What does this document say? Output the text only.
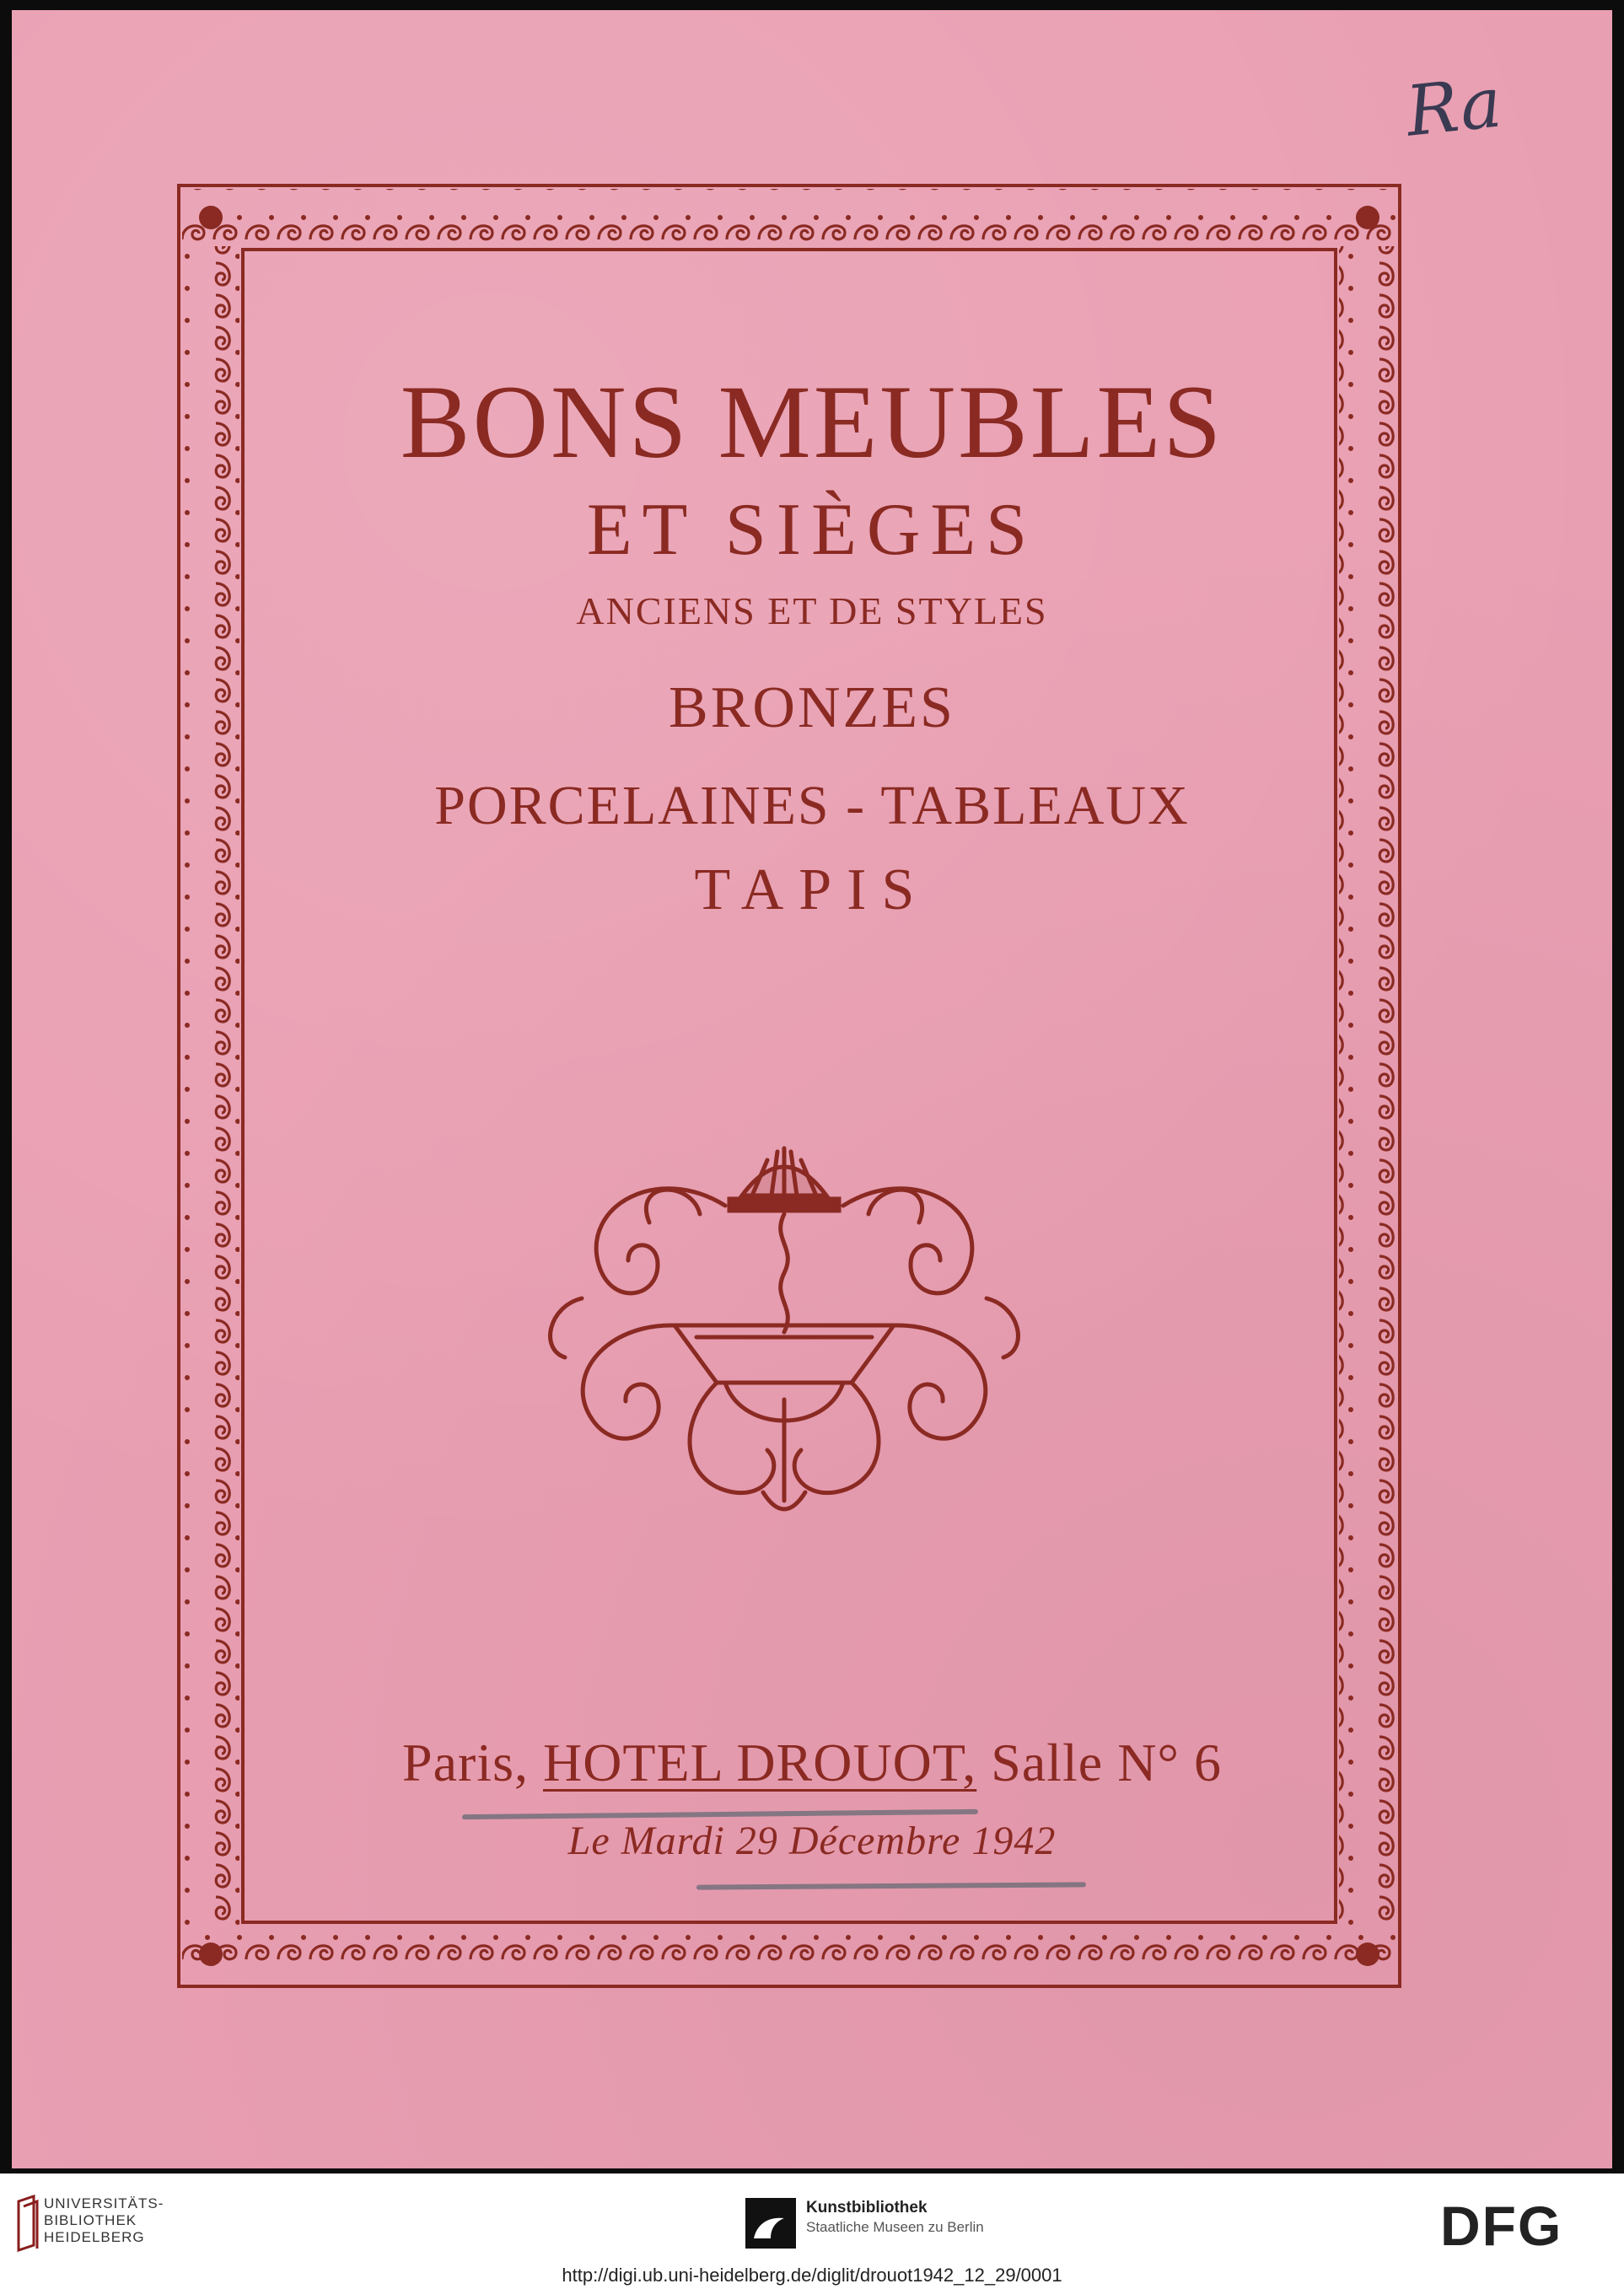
Ra
BONS MEUBLES
ET SIÈGES
ANCIENS ET DE STYLES
BRONZES
PORCELAINES - TABLEAUX
TAPIS
Paris, HOTEL DROUOT, Salle N° 6
Le Mardi 29 Décembre 1942
UNIVERSITÄTS-
BIBLIOTHEK
HEIDELBERG
Kunstbibliothek
Staatliche Museen zu Berlin	DFG
http://digi.ub.uni-heidelberg.de/diglit/drouot1942_12_29/0001
